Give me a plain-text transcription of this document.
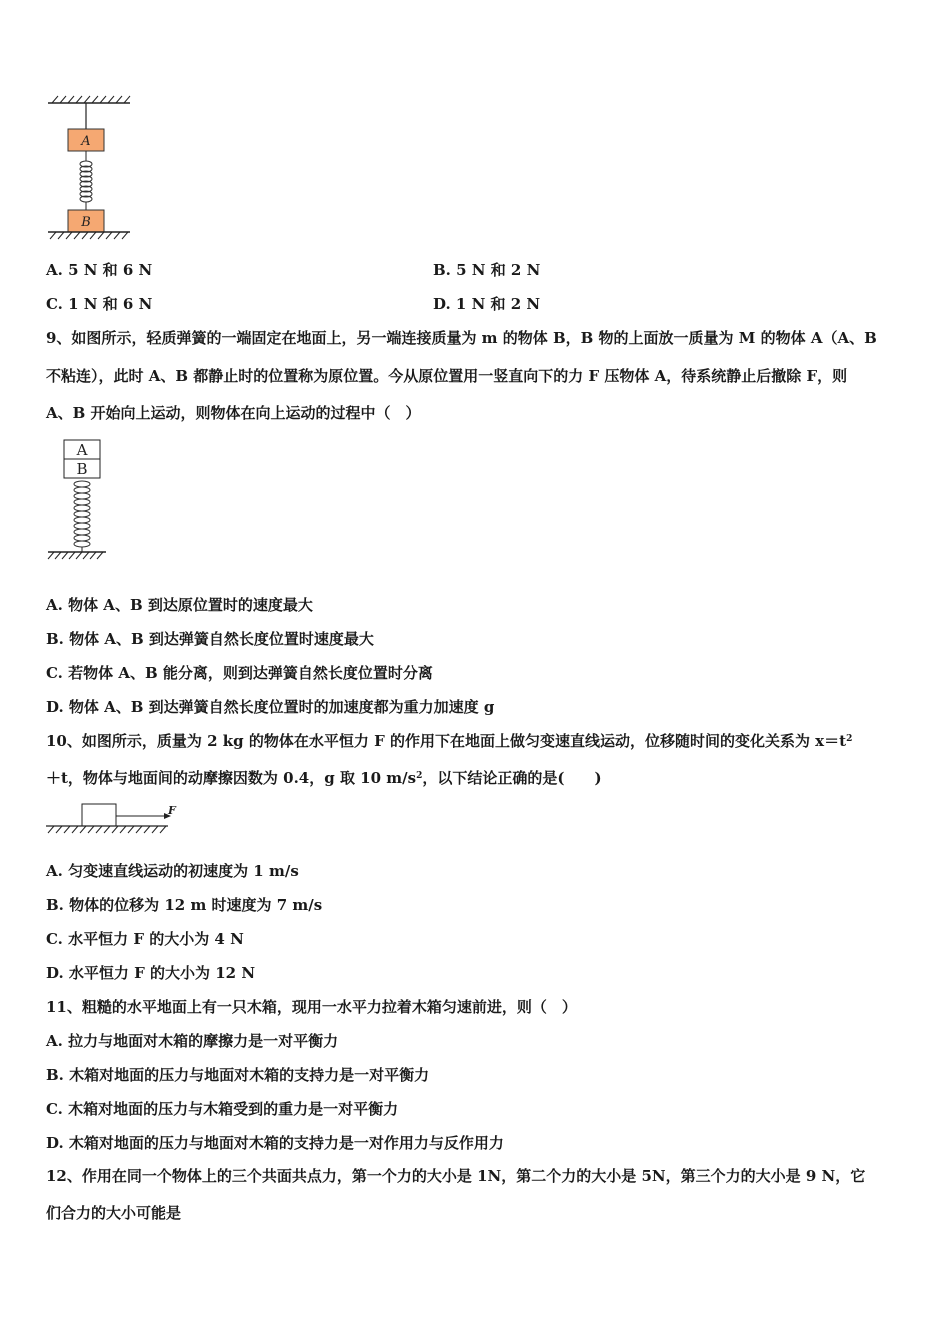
A
B
A. 5 N 和 6 N	B. 5 N 和 2 N
C. 1 N 和 6 N	D. 1 N 和 2 N
9、如图所示，轻质弹簧的一端固定在地面上，另一端连接质量为 m 的物体 B，B 物的上面放一质量为 M 的物体 A（A、B
不粘连），此时 A、B 都静止时的位置称为原位置。今从原位置用一竖直向下的力 F 压物体 A，待系统静止后撤除 F，则
A、B 开始向上运动，则物体在向上运动的过程中（　）
A
B
A. 物体 A、B 到达原位置时的速度最大
B. 物体 A、B 到达弹簧自然长度位置时速度最大
C. 若物体 A、B 能分离，则到达弹簧自然长度位置时分离
D. 物体 A、B 到达弹簧自然长度位置时的加速度都为重力加速度 g
10、如图所示，质量为 2 kg 的物体在水平恒力 F 的作用下在地面上做匀变速直线运动，位移随时间的变化关系为 $x=t^2$
＋t，物体与地面间的动摩擦因数为 0.4，g 取 10 $m/s^2$，以下结论正确的是(　　)
F
A. 匀变速直线运动的初速度为 1 m/s
B. 物体的位移为 12 m 时速度为 7 m/s
C. 水平恒力 F 的大小为 4 N
D. 水平恒力 F 的大小为 12 N
11、粗糙的水平地面上有一只木箱，现用一水平力拉着木箱匀速前进，则（　）
A. 拉力与地面对木箱的摩擦力是一对平衡力
B. 木箱对地面的压力与地面对木箱的支持力是一对平衡力
C. 木箱对地面的压力与木箱受到的重力是一对平衡力
D. 木箱对地面的压力与地面对木箱的支持力是一对作用力与反作用力
12、作用在同一个物体上的三个共面共点力，第一个力的大小是 1N，第二个力的大小是 5N，第三个力的大小是 9 N，它
们合力的大小可能是
